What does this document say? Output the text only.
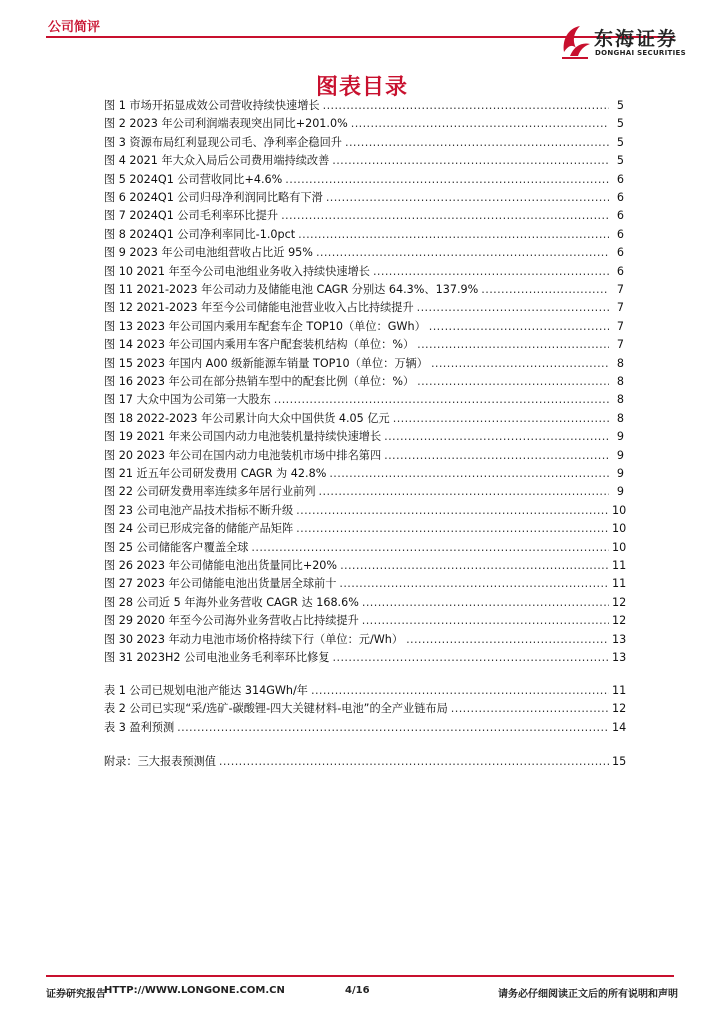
公司简评
东海证券
DONGHAI SECURITIES
图表目录
图 1 市场开拓显成效公司营收持续快速增长 .....	5
图 2 2023 年公司利润端表现突出同比+201.0% .....	5
图 3 资源布局红利显现公司毛、净利率企稳回升 .....	5
图 4 2021 年大众入局后公司费用端持续改善 .....	5
图 5 2024Q1 公司营收同比+4.6% .....	6
图 6 2024Q1 公司归母净利润同比略有下滑 .....	6
图 7 2024Q1 公司毛利率环比提升 .....	6
图 8 2024Q1 公司净利率同比-1.0pct .....	6
图 9 2023 年公司电池组营收占比近 95% .....	6
图 10 2021 年至今公司电池组业务收入持续快速增长 .....	6
图 11 2021-2023 年公司动力及储能电池 CAGR 分别达 64.3%、137.9% .....	7
图 12 2021-2023 年至今公司储能电池营业收入占比持续提升 .....	7
图 13 2023 年公司国内乘用车配套车企 TOP10（单位：GWh） .....	7
图 14 2023 年公司国内乘用车客户配套装机结构（单位：%） .....	7
图 15 2023 年国内 A00 级新能源车销量 TOP10（单位：万辆） .....	8
图 16 2023 年公司在部分热销车型中的配套比例（单位：%） .....	8
图 17 大众中国为公司第一大股东 .....	8
图 18 2022-2023 年公司累计向大众中国供货 4.05 亿元 .....	8
图 19 2021 年来公司国内动力电池装机量持续快速增长 .....	9
图 20 2023 年公司在国内动力电池装机市场中排名第四 .....	9
图 21 近五年公司研发费用 CAGR 为 42.8% .....	9
图 22 公司研发费用率连续多年居行业前列 .....	9
图 23 公司电池产品技术指标不断升级 .....	10
图 24 公司已形成完备的储能产品矩阵 .....	10
图 25 公司储能客户覆盖全球 .....	10
图 26 2023 年公司储能电池出货量同比+20% .....	11
图 27 2023 年公司储能电池出货量居全球前十 .....	11
图 28 公司近 5 年海外业务营收 CAGR 达 168.6% .....	12
图 29 2020 年至今公司海外业务营收占比持续提升 .....	12
图 30 2023 年动力电池市场价格持续下行（单位：元/Wh） .....	13
图 31 2023H2 公司电池业务毛利率环比修复 .....	13
表 1 公司已规划电池产能达 314GWh/年 .....	11
表 2 公司已实现“采/选矿-碳酸锂-四大关键材料-电池”的全产业链布局 .....	12
表 3 盈利预测 .....	14
附录：三大报表预测值 .....	15
证券研究报告
HTTP://WWW.LONGONE.COM.CN	4/16	请务必仔细阅读正文后的所有说明和声明
